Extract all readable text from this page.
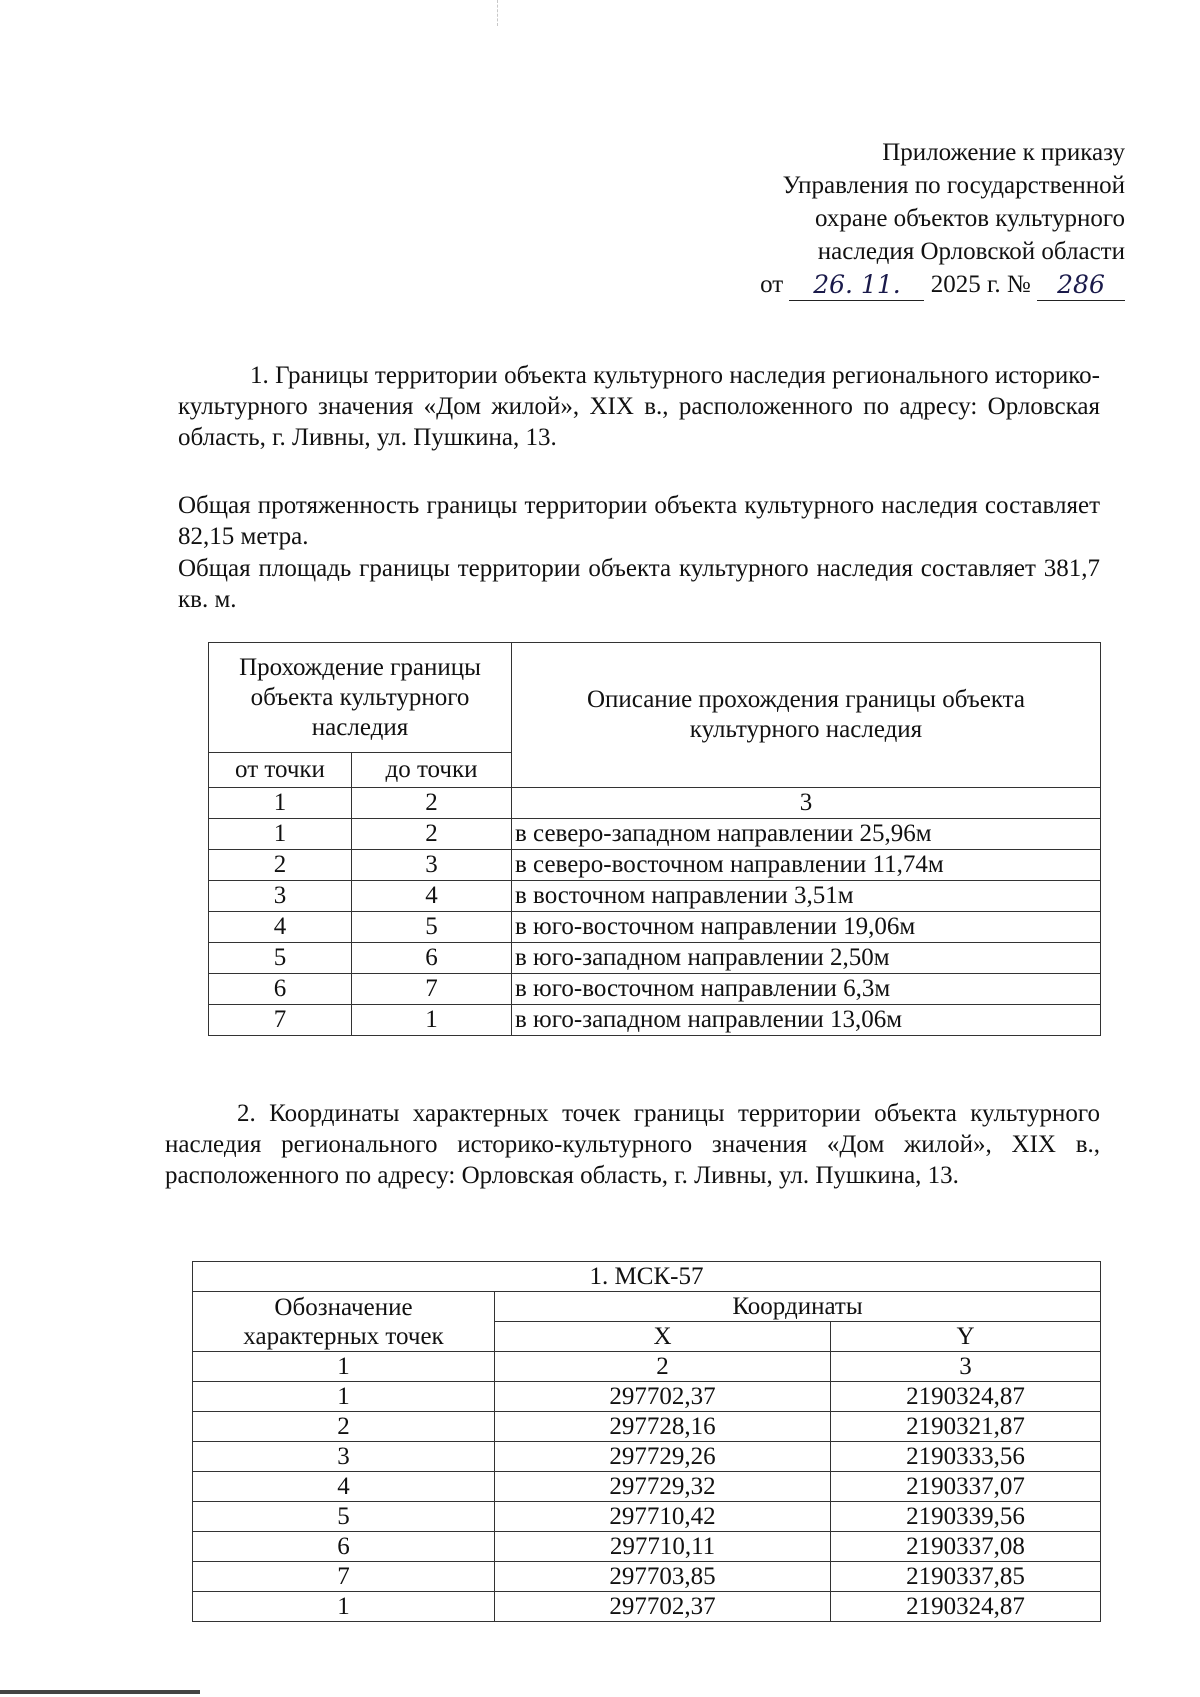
Приложение к приказу
Управления по государственной
охране объектов культурного
наследия Орловской области
от 26. 11. 2025 г. № 286
1. Границы территории объекта культурного наследия регионального историко-культурного значения «Дом жилой», XIX в., расположенного по адресу: Орловская область, г. Ливны, ул. Пушкина, 13.
Общая протяженность границы территории объекта культурного наследия составляет 82,15 метра.
Общая площадь границы территории объекта культурного наследия составляет 381,7 кв. м.
Прохождение границы объекта культурного наследия		Описание прохождения границы объекта культурного наследия
от точки	до точки	
1	2	3
1	2	в северо-западном направлении 25,96м
2	3	в северо-восточном направлении 11,74м
3	4	в восточном направлении 3,51м
4	5	в юго-восточном направлении 19,06м
5	6	в юго-западном направлении 2,50м
6	7	в юго-восточном направлении 6,3м
7	1	в юго-западном направлении 13,06м
2. Координаты характерных точек границы территории объекта культурного наследия регионального историко-культурного значения «Дом жилой», XIX в., расположенного по адресу: Орловская область, г. Ливны, ул. Пушкина, 13.
1. МСК-57		
Обозначение характерных точек	Координаты	
	X	Y
1	2	3
1	297702,37	2190324,87
2	297728,16	2190321,87
3	297729,26	2190333,56
4	297729,32	2190337,07
5	297710,42	2190339,56
6	297710,11	2190337,08
7	297703,85	2190337,85
1	297702,37	2190324,87
